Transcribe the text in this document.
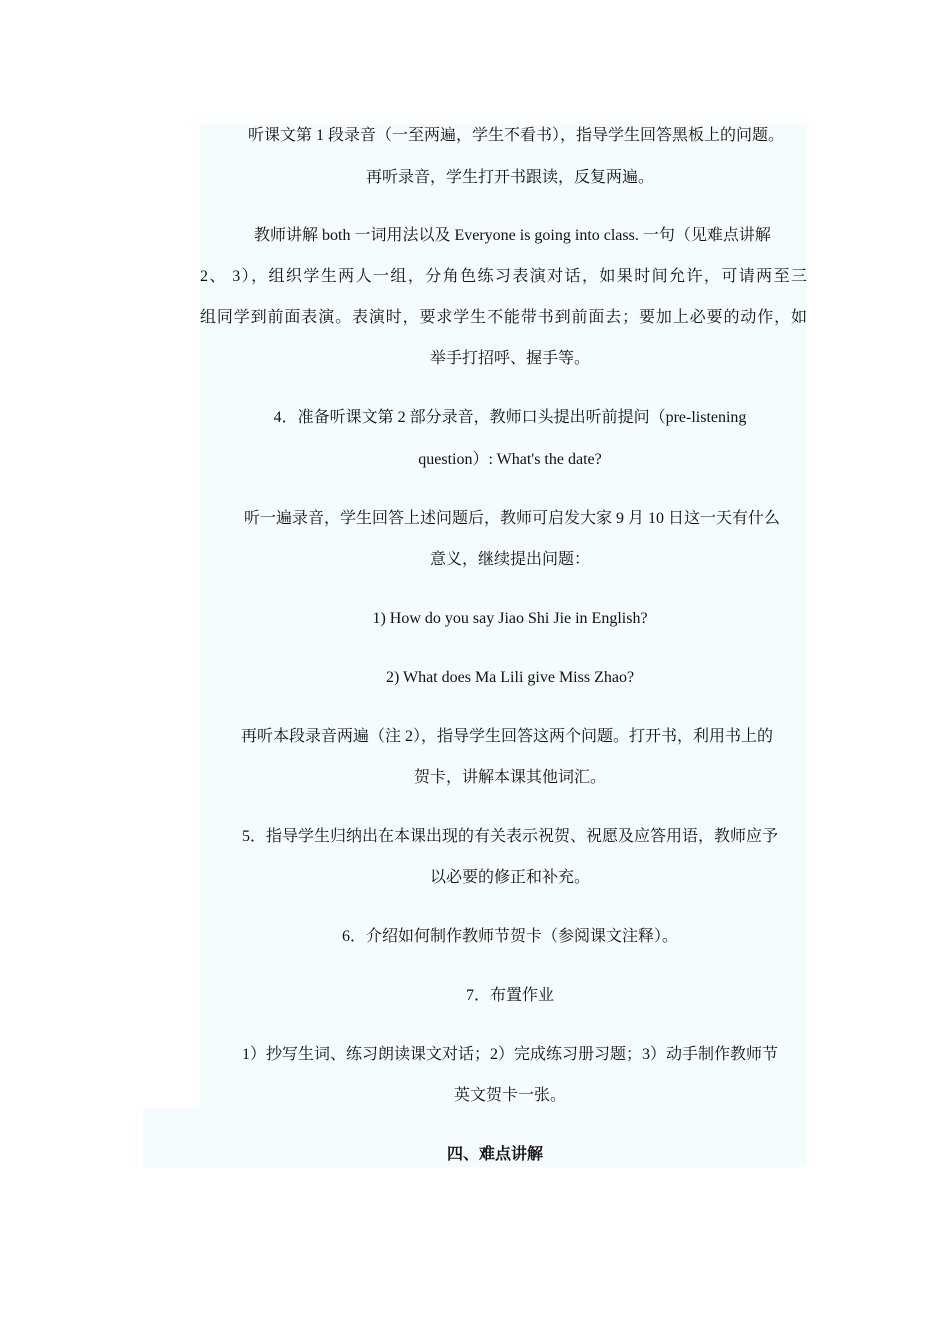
听课文第 1 段录音（一至两遍，学生不看书），指导学生回答黑板上的问题。
再听录音，学生打开书跟读，反复两遍。
教师讲解 both 一词用法以及 Everyone is going into class. 一句（见难点讲解
2、 3），组织学生两人一组，分角色练习表演对话，如果时间允许，可请两至三
组同学到前面表演。表演时，要求学生不能带书到前面去；要加上必要的动作，如
举手打招呼、握手等。
4．准备听课文第 2 部分录音，教师口头提出听前提问（pre-listening
question）: What's the date?
听一遍录音，学生回答上述问题后，教师可启发大家 9 月 10 日这一天有什么
意义，继续提出问题：
1) How do you say Jiao Shi Jie in English?
2) What does Ma Lili give Miss Zhao?
再听本段录音两遍（注 2），指导学生回答这两个问题。打开书，利用书上的
贺卡，讲解本课其他词汇。
5．指导学生归纳出在本课出现的有关表示祝贺、祝愿及应答用语，教师应予
以必要的修正和补充。
6．介绍如何制作教师节贺卡（参阅课文注释）。
7．布置作业
1）抄写生词、练习朗读课文对话；2）完成练习册习题；3）动手制作教师节
英文贺卡一张。
四、难点讲解
